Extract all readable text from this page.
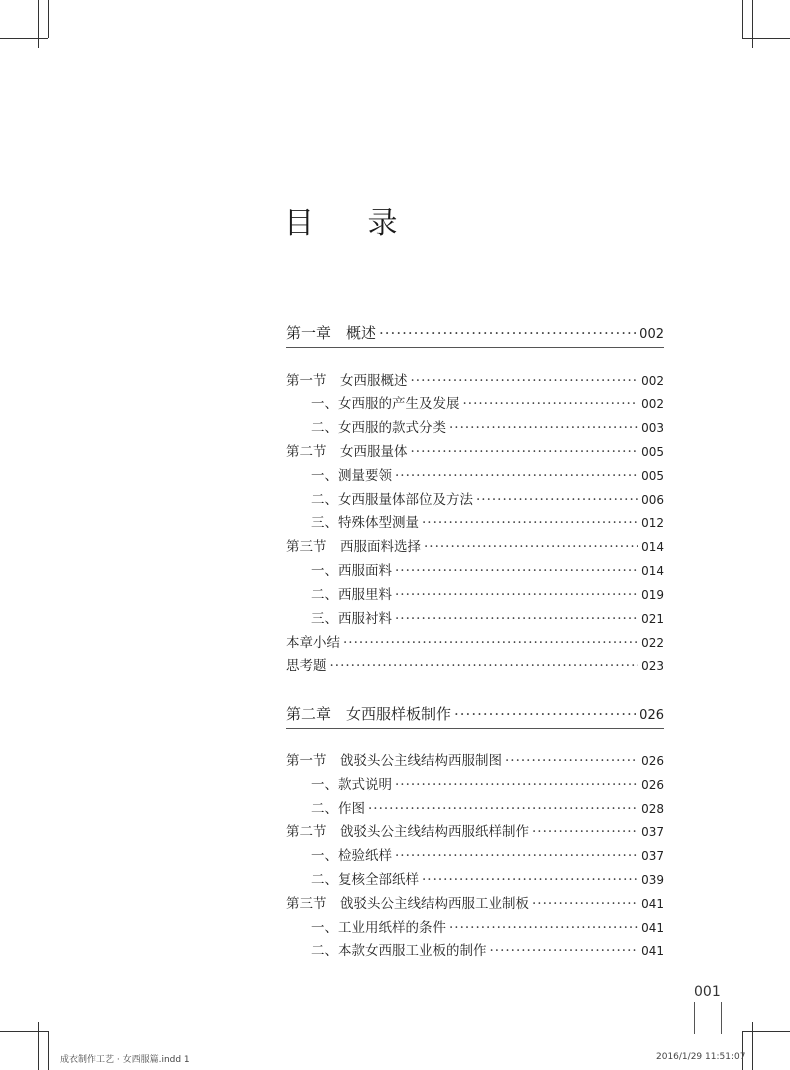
目 录
第一章　概述 ·····	002
第一节　女西服概述 ·····	002
一、女西服的产生及发展 ·····	002
二、女西服的款式分类 ·····	003
第二节　女西服量体 ·····	005
一、测量要领 ·····	005
二、女西服量体部位及方法 ·····	006
三、特殊体型测量 ·····	012
第三节　西服面料选择 ·····	014
一、西服面料 ·····	014
二、西服里料 ·····	019
三、西服衬料 ·····	021
本章小结 ·····	022
思考题 ·····	023
第二章　女西服样板制作 ·····	026
第一节　戗驳头公主线结构西服制图 ·····	026
一、款式说明 ·····	026
二、作图 ·····	028
第二节　戗驳头公主线结构西服纸样制作 ·····	037
一、检验纸样 ·····	037
二、复核全部纸样 ·····	039
第三节　戗驳头公主线结构西服工业制板 ·····	041
一、工业用纸样的条件 ·····	041
二、本款女西服工业板的制作 ·····	041
001
成衣制作工艺 · 女西服篇.indd 1	2016/1/29 11:51:07
